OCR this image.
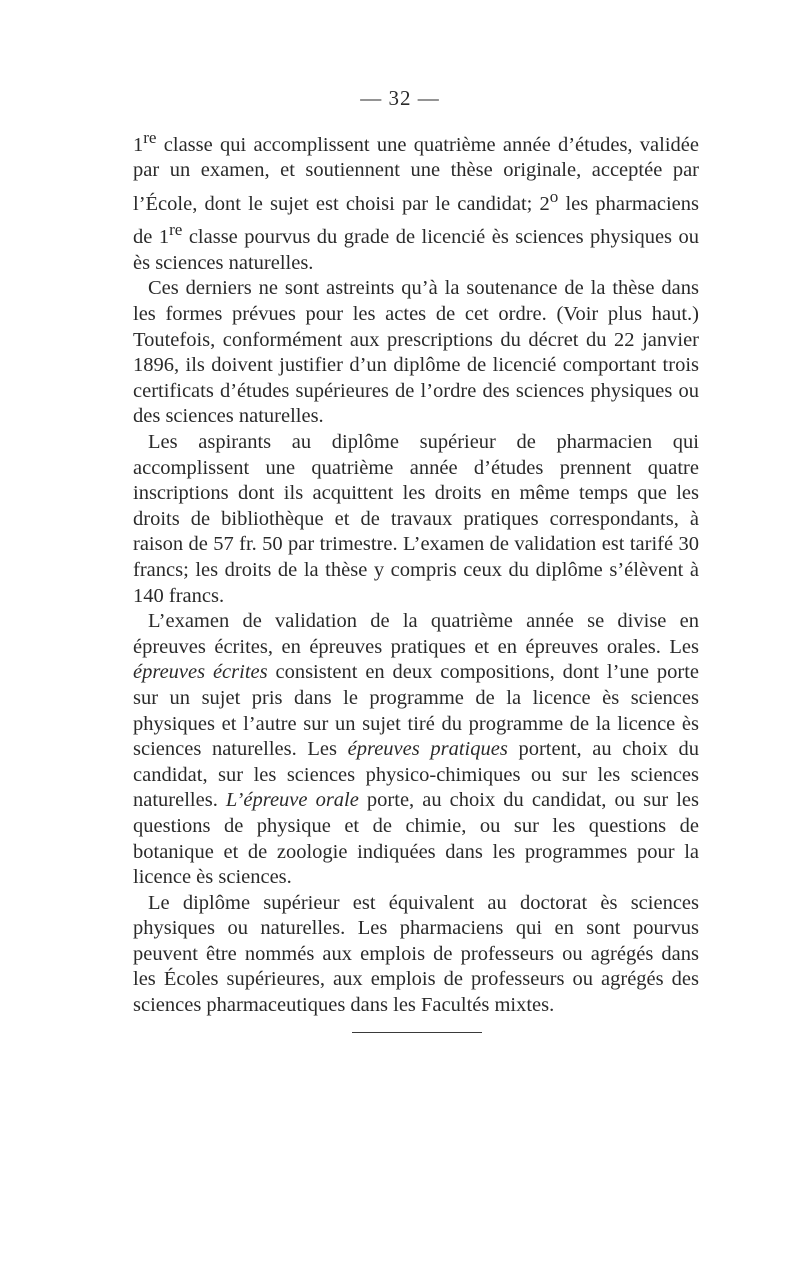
— 32 —

1re classe qui accomplissent une quatrième année d’études, validée par un examen, et soutiennent une thèse originale, acceptée par l’École, dont le sujet est choisi par le candidat; 2$^o$ les pharmaciens de 1re classe pourvus du grade de licencié ès sciences physiques ou ès sciences naturelles.

Ces derniers ne sont astreints qu’à la soutenance de la thèse dans les formes prévues pour les actes de cet ordre. (Voir plus haut.) Toutefois, conformément aux prescriptions du décret du 22 janvier 1896, ils doivent justifier d’un diplôme de licencié comportant trois certificats d’études supérieures de l’ordre des sciences physiques ou des sciences naturelles.

Les aspirants au diplôme supérieur de pharmacien qui accomplissent une quatrième année d’études prennent quatre inscriptions dont ils acquittent les droits en même temps que les droits de bibliothèque et de travaux pratiques correspondants, à raison de 57 fr. 50 par trimestre. L’examen de validation est tarifé 30 francs; les droits de la thèse y compris ceux du diplôme s’élèvent à 140 francs.

L’examen de validation de la quatrième année se divise en épreuves écrites, en épreuves pratiques et en épreuves orales. Les épreuves écrites consistent en deux compositions, dont l’une porte sur un sujet pris dans le programme de la licence ès sciences physiques et l’autre sur un sujet tiré du programme de la licence ès sciences naturelles. Les épreuves pratiques portent, au choix du candidat, sur les sciences physico-chimiques ou sur les sciences naturelles. L’épreuve orale porte, au choix du candidat, ou sur les questions de physique et de chimie, ou sur les questions de botanique et de zoologie indiquées dans les programmes pour la licence ès sciences.

Le diplôme supérieur est équivalent au doctorat ès sciences physiques ou naturelles. Les pharmaciens qui en sont pourvus peuvent être nommés aux emplois de professeurs ou agrégés dans les Écoles supérieures, aux emplois de professeurs ou agrégés des sciences pharmaceutiques dans les Facultés mixtes.
